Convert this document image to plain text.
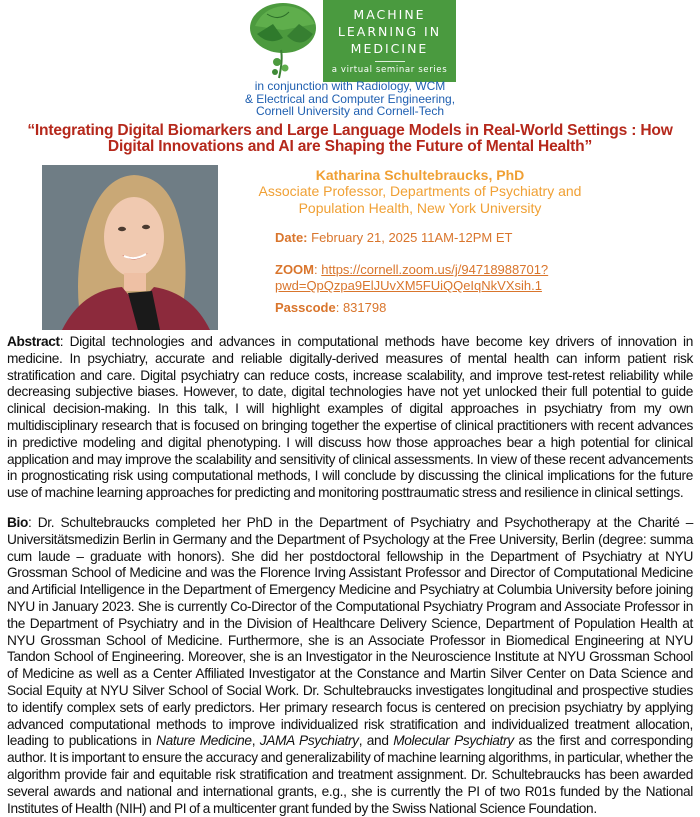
MACHINE
LEARNING IN
MEDICINE
a virtual seminar series
in conjunction with Radiology, WCM
& Electrical and Computer Engineering,
Cornell University and Cornell-Tech
“Integrating Digital Biomarkers and Large Language Models in Real-World Settings : How
Digital Innovations and AI are Shaping the Future of Mental Health”
Katharina Schultebraucks, PhD
Associate Professor, Departments of Psychiatry and
Population Health, New York University

Date: February 21, 2025 11AM-12PM ET

ZOOM: https://cornell.zoom.us/j/94718988701?
pwd=QpQzpa9ElJUvXM5FUiQQeIqNkVXsih.1

Passcode: 831798

Abstract: Digital technologies and advances in computational methods have become key drivers of innovation in medicine. In psychiatry, accurate and reliable digitally-derived measures of mental health can inform patient risk stratification and care. Digital psychiatry can reduce costs, increase scalability, and improve test-retest reliability while decreasing subjective biases. However, to date, digital technologies have not yet unlocked their full potential to guide clinical decision-making. In this talk, I will highlight examples of digital approaches in psychiatry from my own multidisciplinary research that is focused on bringing together the expertise of clinical practitioners with recent advances in predictive modeling and digital phenotyping. I will discuss how those approaches bear a high potential for clinical application and may improve the scalability and sensitivity of clinical assessments. In view of these recent advancements in prognosticating risk using computational methods, I will conclude by discussing the clinical implications for the future use of machine learning approaches for predicting and monitoring posttraumatic stress and resilience in clinical settings.
Bio: Dr. Schultebraucks completed her PhD in the Department of Psychiatry and Psychotherapy at the Charité – Universitätsmedizin Berlin in Germany and the Department of Psychology at the Free University, Berlin (degree: summa cum laude – graduate with honors). She did her postdoctoral fellowship in the Department of Psychiatry at NYU Grossman School of Medicine and was the Florence Irving Assistant Professor and Director of Computational Medicine and Artificial Intelligence in the Department of Emergency Medicine and Psychiatry at Columbia University before joining NYU in January 2023. She is currently Co-Director of the Computational Psychiatry Program and Associate Professor in the Department of Psychiatry and in the Division of Healthcare Delivery Science, Department of Population Health at NYU Grossman School of Medicine. Furthermore, she is an Associate Professor in Biomedical Engineering at NYU Tandon School of Engineering. Moreover, she is an Investigator in the Neuroscience Institute at NYU Grossman School of Medicine as well as a Center Affiliated Investigator at the Constance and Martin Silver Center on Data Science and Social Equity at NYU Silver School of Social Work. Dr. Schultebraucks investigates longitudinal and prospective studies to identify complex sets of early predictors. Her primary research focus is centered on precision psychiatry by applying advanced computational methods to improve individualized risk stratification and individualized treatment allocation, leading to publications in Nature Medicine, JAMA Psychiatry, and Molecular Psychiatry as the first and corresponding author. It is important to ensure the accuracy and generalizability of machine learning algorithms, in particular, whether the algorithm provide fair and equitable risk stratification and treatment assignment. Dr. Schultebraucks has been awarded several awards and national and international grants, e.g., she is currently the PI of two R01s funded by the National Institutes of Health (NIH) and PI of a multicenter grant funded by the Swiss National Science Foundation.
